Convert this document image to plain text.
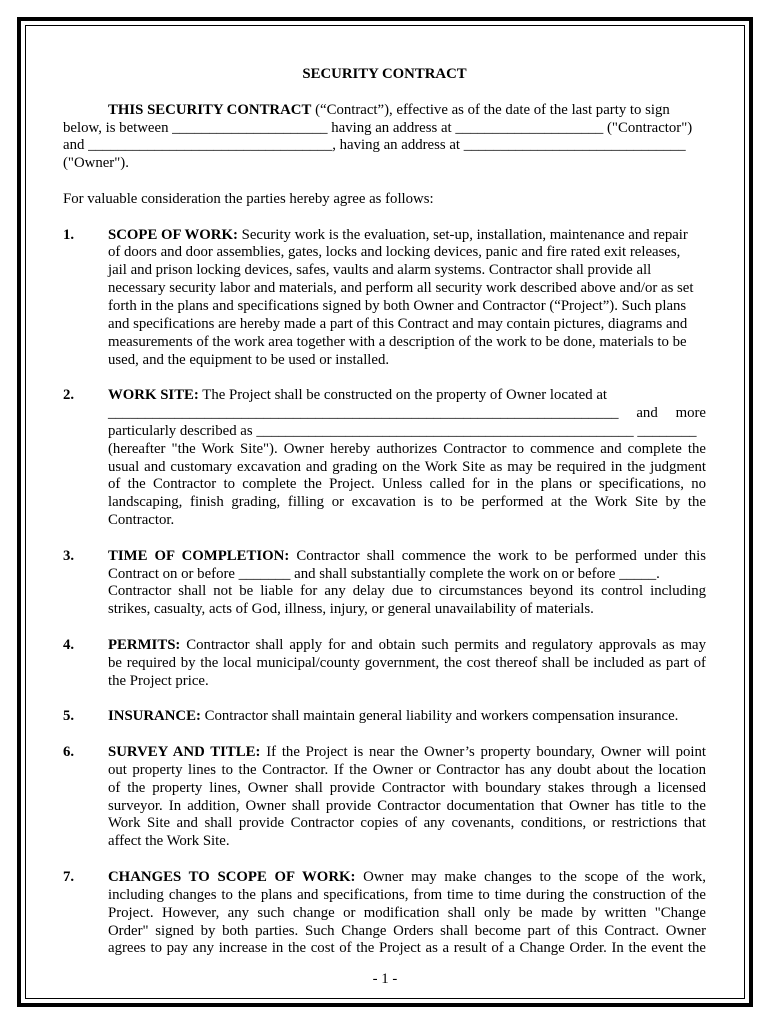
SECURITY CONTRACT
THIS SECURITY CONTRACT (“Contract”), effective as of the date of the last party to sign
below, is between _____________________ having an address at ____________________ ("Contractor")
and _________________________________, having an address at ______________________________
("Owner").
For valuable consideration the parties hereby agree as follows:
1. SCOPE OF WORK: Security work is the evaluation, set-up, installation, maintenance and repair
of doors and door assemblies, gates, locks and locking devices, panic and fire rated exit releases,
jail and prison locking devices, safes, vaults and alarm systems. Contractor shall provide all
necessary security labor and materials, and perform all security work described above and/or as set
forth in the plans and specifications signed by both Owner and Contractor (“Project”). Such plans
and specifications are hereby made a part of this Contract and may contain pictures, diagrams and
measurements of the work area together with a description of the work to be done, materials to be
used, and the equipment to be used or installed.
2. WORK SITE: The Project shall be constructed on the property of Owner located at
_____________________________________________________________________ and more
particularly described as ___________________________________________________ ________
(hereafter "the Work Site"). Owner hereby authorizes Contractor to commence and complete the
usual and customary excavation and grading on the Work Site as may be required in the judgment
of the Contractor to complete the Project. Unless called for in the plans or specifications, no
landscaping, finish grading, filling or excavation is to be performed at the Work Site by the
Contractor.
3. TIME OF COMPLETION: Contractor shall commence the work to be performed under this
Contract on or before _______ and shall substantially complete the work on or before _____.
Contractor shall not be liable for any delay due to circumstances beyond its control including
strikes, casualty, acts of God, illness, injury, or general unavailability of materials.
4. PERMITS: Contractor shall apply for and obtain such permits and regulatory approvals as may
be required by the local municipal/county government, the cost thereof shall be included as part of
the Project price.
5. INSURANCE: Contractor shall maintain general liability and workers compensation insurance.
6. SURVEY AND TITLE: If the Project is near the Owner’s property boundary, Owner will point
out property lines to the Contractor. If the Owner or Contractor has any doubt about the location
of the property lines, Owner shall provide Contractor with boundary stakes through a licensed
surveyor. In addition, Owner shall provide Contractor documentation that Owner has title to the
Work Site and shall provide Contractor copies of any covenants, conditions, or restrictions that
affect the Work Site.
7. CHANGES TO SCOPE OF WORK: Owner may make changes to the scope of the work,
including changes to the plans and specifications, from time to time during the construction of the
Project. However, any such change or modification shall only be made by written "Change
Order" signed by both parties. Such Change Orders shall become part of this Contract. Owner
agrees to pay any increase in the cost of the Project as a result of a Change Order. In the event the
- 1 -
